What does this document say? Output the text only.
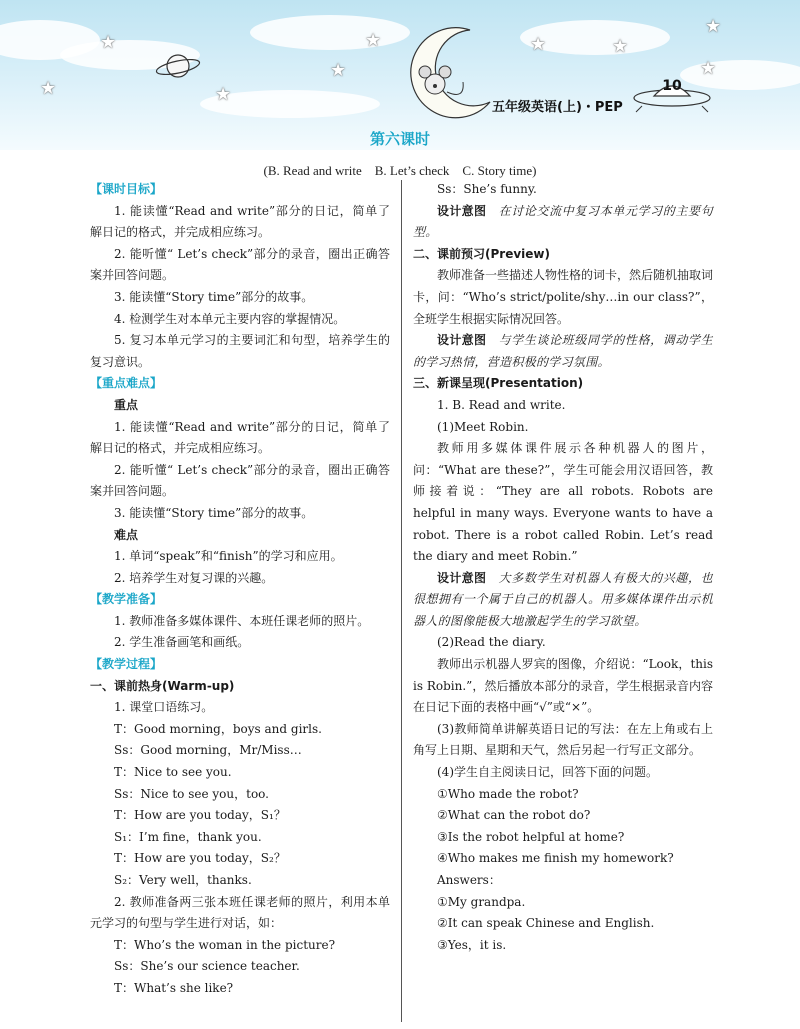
★
★	★
★
★	★	★
★
★
五年级英语(上)・PEP
10
第六课时
(B. Read and write　B. Let’s check　C. Story time)

【课时目标】

1. 能读懂“Read and write”部分的日记，简单了解日记的格式，并完成相应练习。

2. 能听懂“ Let’s check”部分的录音，圈出正确答案并回答问题。

3. 能读懂“Story time”部分的故事。

4. 检测学生对本单元主要内容的掌握情况。

5. 复习本单元学习的主要词汇和句型，培养学生的复习意识。

【重点难点】

重点

1. 能读懂“Read and write”部分的日记，简单了解日记的格式，并完成相应练习。

2. 能听懂“ Let’s check”部分的录音，圈出正确答案并回答问题。

3. 能读懂“Story time”部分的故事。

难点

1. 单词“speak”和“finish”的学习和应用。

2. 培养学生对复习课的兴趣。

【教学准备】

1. 教师准备多媒体课件、本班任课老师的照片。

2. 学生准备画笔和画纸。

【教学过程】

一、课前热身(Warm-up)

1. 课堂口语练习。

T：Good morning，boys and girls.

Ss：Good morning，Mr/Miss…

T：Nice to see you.

Ss：Nice to see you，too.

T：How are you today，S₁？

S₁：I’m fine，thank you.

T：How are you today，S₂？

S₂：Very well，thanks.

2. 教师准备两三张本班任课老师的照片，利用本单元学习的句型与学生进行对话，如：

T：Who’s the woman in the picture?

Ss：She’s our science teacher.

T：What’s she like?

Ss：She’s funny.

设计意图　 在讨论交流中复习本单元学习的主要句型。

二、课前预习(Preview)

教师准备一些描述人物性格的词卡，然后随机抽取词卡，问：“Who’s strict/polite/shy…in our class?”，全班学生根据实际情况回答。

设计意图　 与学生谈论班级同学的性格，调动学生的学习热情，营造积极的学习氛围。

三、新课呈现(Presentation)

1. B. Read and write.

(1)Meet Robin.

教师用多媒体课件展示各种机器人的图片，问：“What are these?”，学生可能会用汉语回答，教师接着说：“They are all robots. Robots are helpful in many ways. Everyone wants to have a robot. There is a robot called Robin. Let’s read the diary and meet Robin.”

设计意图　 大多数学生对机器人有极大的兴趣，也很想拥有一个属于自己的机器人。用多媒体课件出示机器人的图像能极大地激起学生的学习欲望。

(2)Read the diary.

教师出示机器人罗宾的图像，介绍说：“Look，this is Robin.”，然后播放本部分的录音，学生根据录音内容在日记下面的表格中画“√”或“×”。

(3)教师简单讲解英语日记的写法：在左上角或右上角写上日期、星期和天气，然后另起一行写正文部分。

(4)学生自主阅读日记，回答下面的问题。

①Who made the robot?

②What can the robot do?

③Is the robot helpful at home?

④Who makes me finish my homework?

Answers：

①My grandpa.

②It can speak Chinese and English.

③Yes，it is.
